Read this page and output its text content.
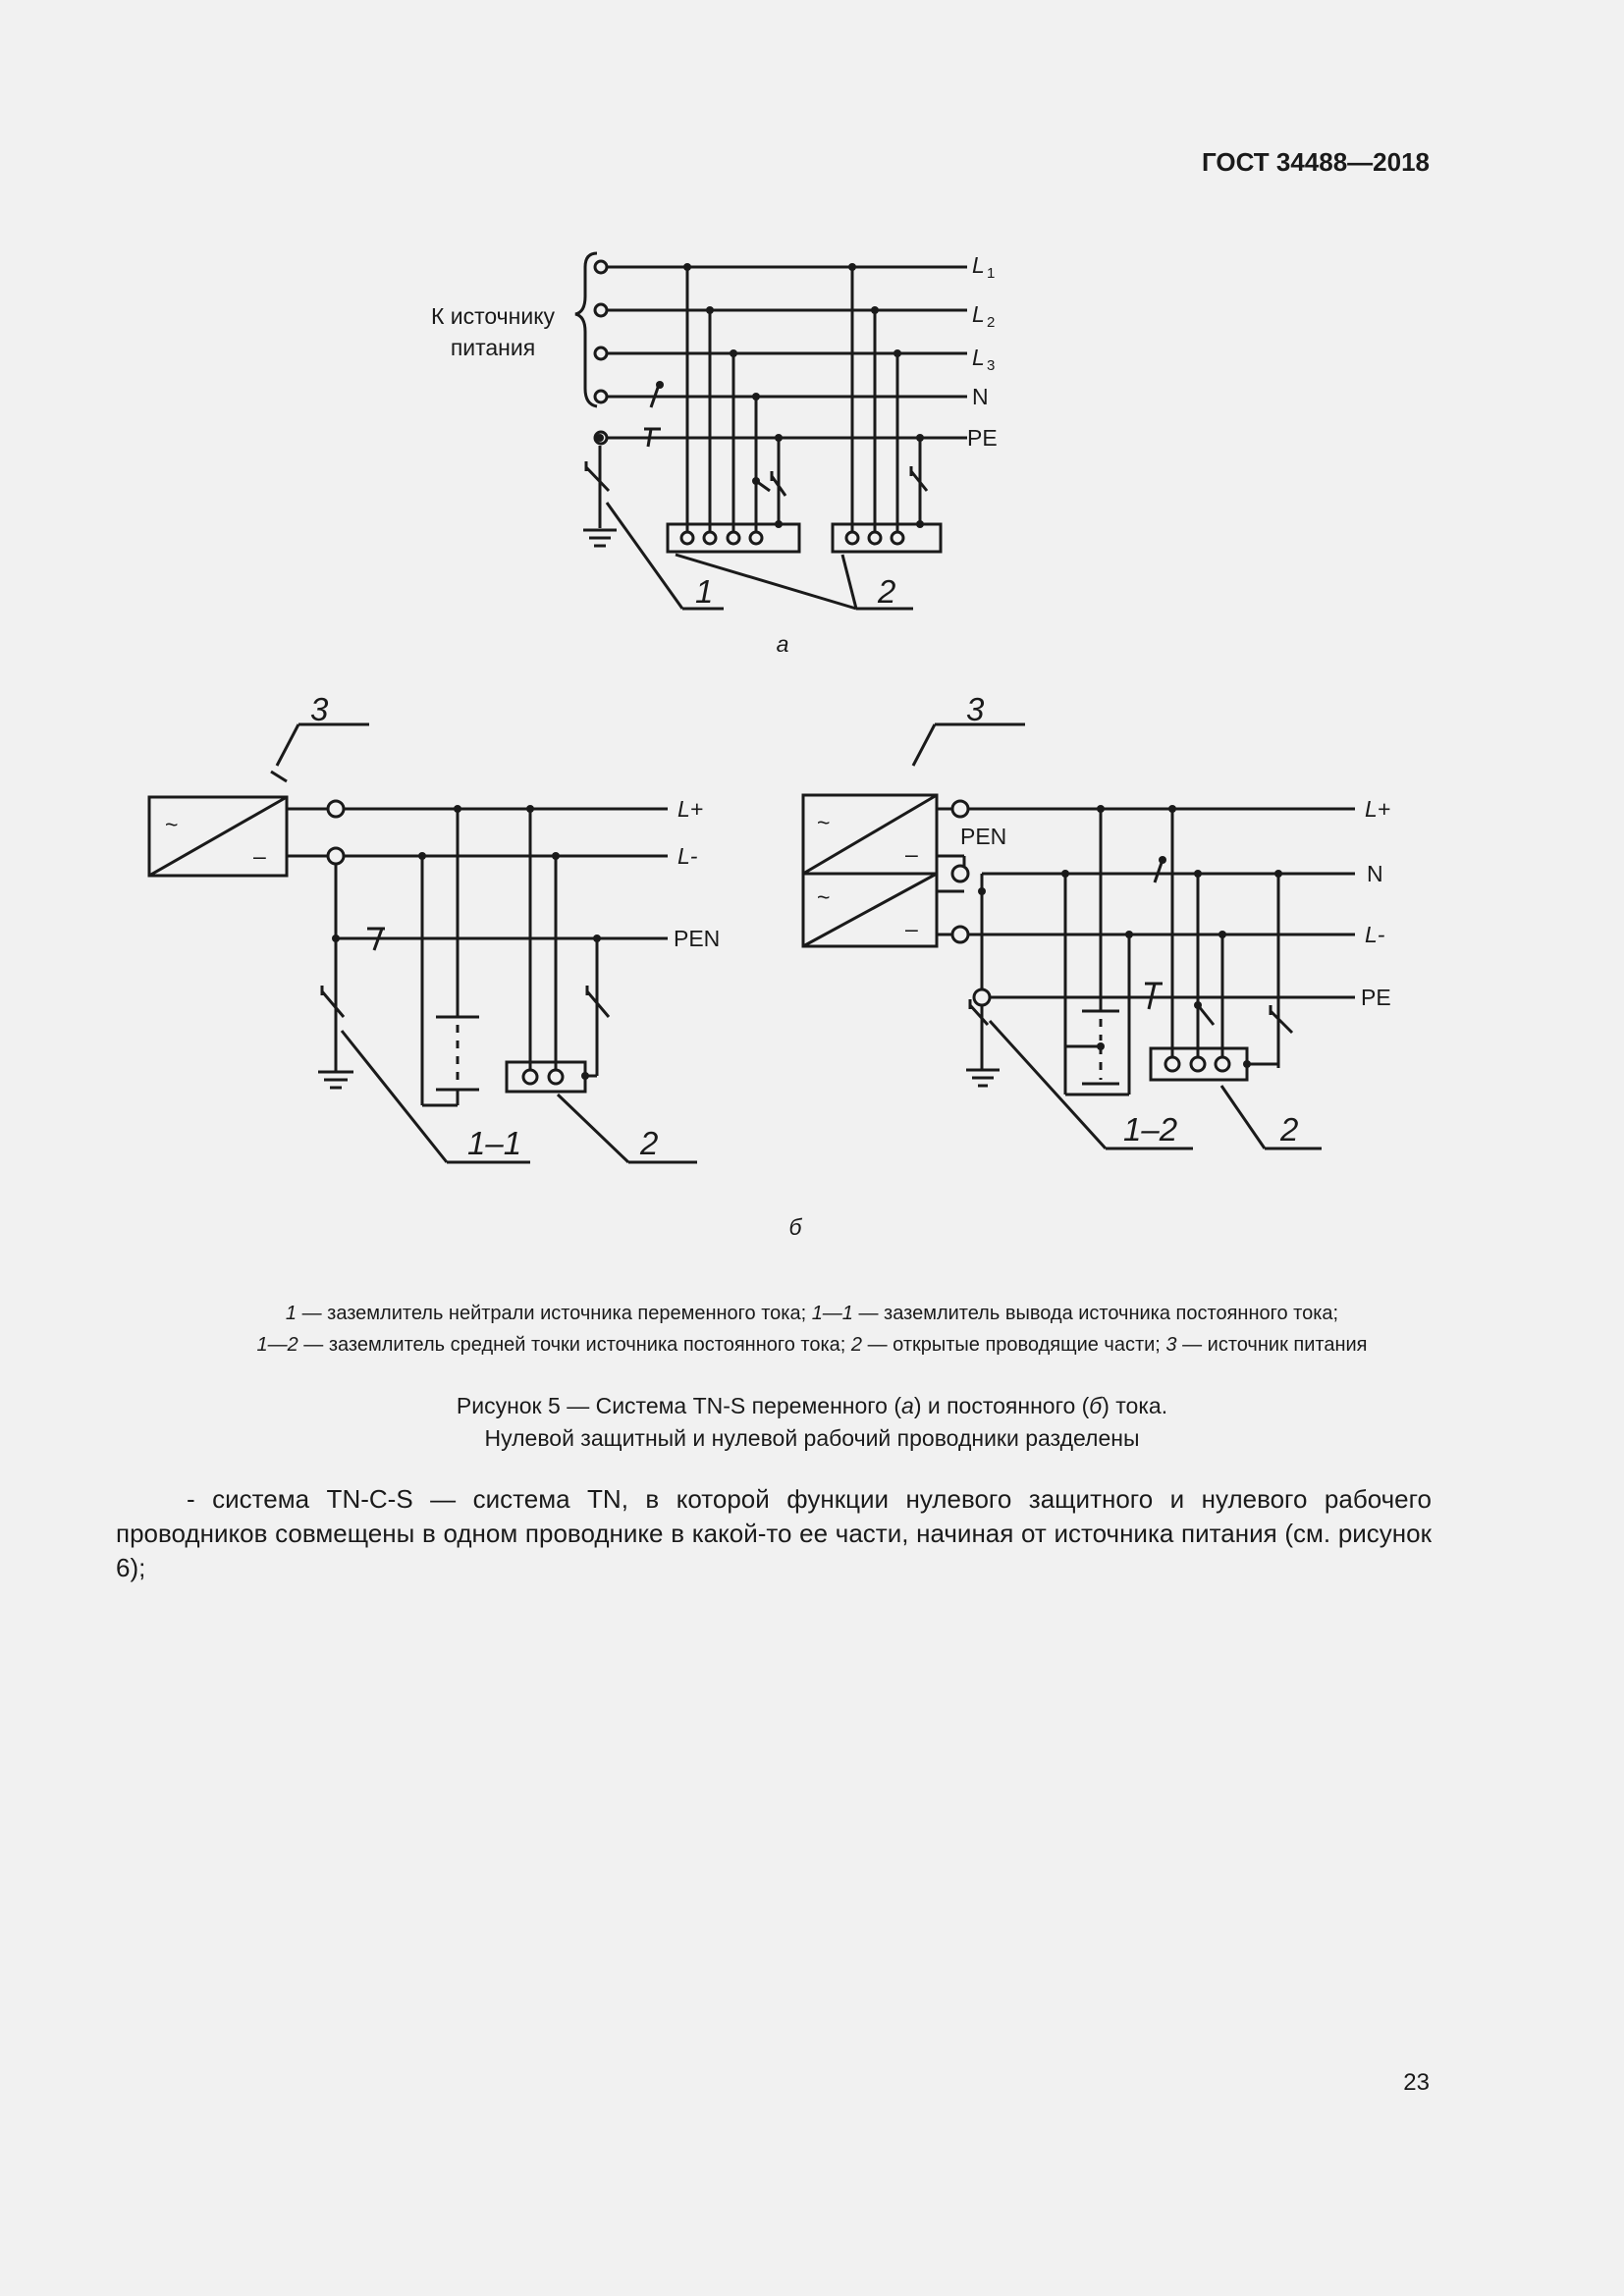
ГОСТ 34488—2018
К источнику
питания
L 1
L 2
L 3
N
PE
1	2
а
3
~
–
L+
L-
PEN
1–1	2
3
~
–
~
–
PEN
L+
N
L-
PE
1–2	2
б
1 — заземлитель нейтрали источника переменного тока; 1—1 — заземлитель вывода источника постоянного тока;
1—2 — заземлитель средней точки источника постоянного тока; 2 — открытые проводящие части; 3 — источник питания
Рисунок 5 — Система TN-S переменного (а) и постоянного (б) тока.
Нулевой защитный и нулевой рабочий проводники разделены
- система TN-C-S — система TN, в которой функции нулевого защитного и нулевого рабочего проводников совмещены в одном проводнике в какой-то ее части, начиная от источника питания (см. рисунок 6);
23
